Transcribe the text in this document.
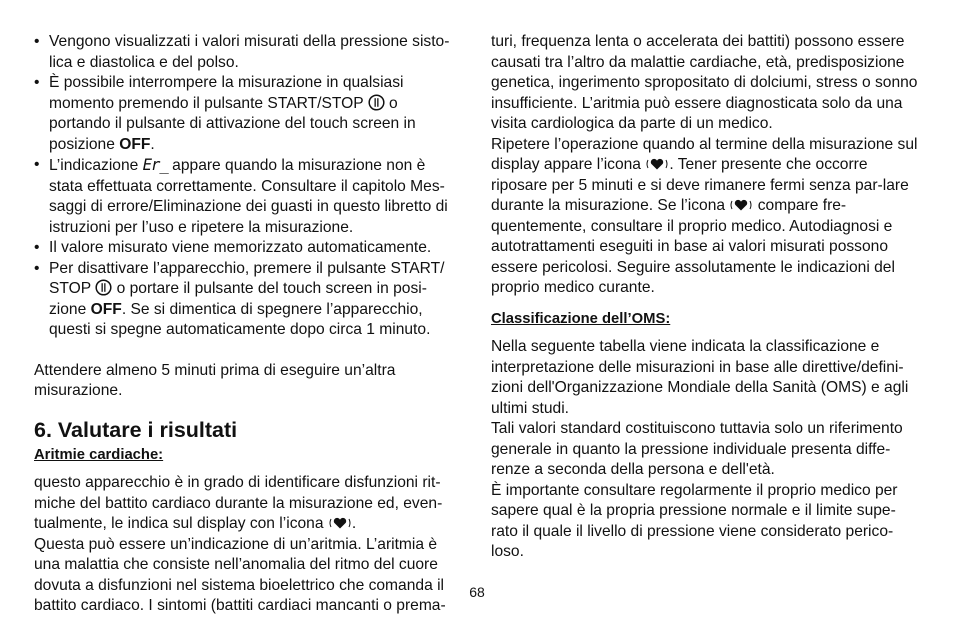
• Vengono visualizzati i valori misurati della pressione sisto-lica e diastolica e del polso.
• È possibile interrompere la misurazione in qualsiasi momento premendo il pulsante START/STOP o portando il pulsante di attivazione del touch screen in posizione OFF.
• L’indicazione Er_ appare quando la misurazione non è stata effettuata correttamente. Consultare il capitolo Mes-saggi di errore/Eliminazione dei guasti in questo libretto di istruzioni per l’uso e ripetere la misurazione.
• Il valore misurato viene memorizzato automaticamente.
• Per disattivare l’apparecchio, premere il pulsante START/ STOP o portare il pulsante del touch screen in posi-zione OFF. Se si dimentica di spegnere l’apparecchio, questi si spegne automaticamente dopo circa 1 minuto.

Attendere almeno 5 minuti prima di eseguire un’altra misurazione.

6. Valutare i risultati
Aritmie cardiache:

questo apparecchio è in grado di identificare disfunzioni rit-miche del battito cardiaco durante la misurazione ed, even-tualmente, le indica sul display con l’icona .

Questa può essere un’indicazione di un’aritmia. L’aritmia è una malattia che consiste nell’anomalia del ritmo del cuore dovuta a disfunzioni nel sistema bioelettrico che comanda il battito cardiaco. I sintomi (battiti cardiaci mancanti o prema-

turi, frequenza lenta o accelerata dei battiti) possono essere causati tra l’altro da malattie cardiache, età, predisposizione genetica, ingerimento spropositato di dolciumi, stress o sonno insufficiente. L’aritmia può essere diagnosticata solo da una visita cardiologica da parte di un medico.

Ripetere l’operazione quando al termine della misurazione sul display appare l’icona . Tener presente che occorre riposare per 5 minuti e si deve rimanere fermi senza par-lare durante la misurazione. Se l’icona compare fre-quentemente, consultare il proprio medico. Autodiagnosi e autotrattamenti eseguiti in base ai valori misurati possono essere pericolosi. Seguire assolutamente le indicazioni del proprio medico curante.

Classificazione dell’OMS:

Nella seguente tabella viene indicata la classificazione e interpretazione delle misurazioni in base alle direttive/defini-zioni dell'Organizzazione Mondiale della Sanità (OMS) e agli ultimi studi.

Tali valori standard costituiscono tuttavia solo un riferimento generale in quanto la pressione individuale presenta diffe-renze a seconda della persona e dell'età.

È importante consultare regolarmente il proprio medico per sapere qual è la propria pressione normale e il limite supe-rato il quale il livello di pressione viene considerato perico-loso.

68
